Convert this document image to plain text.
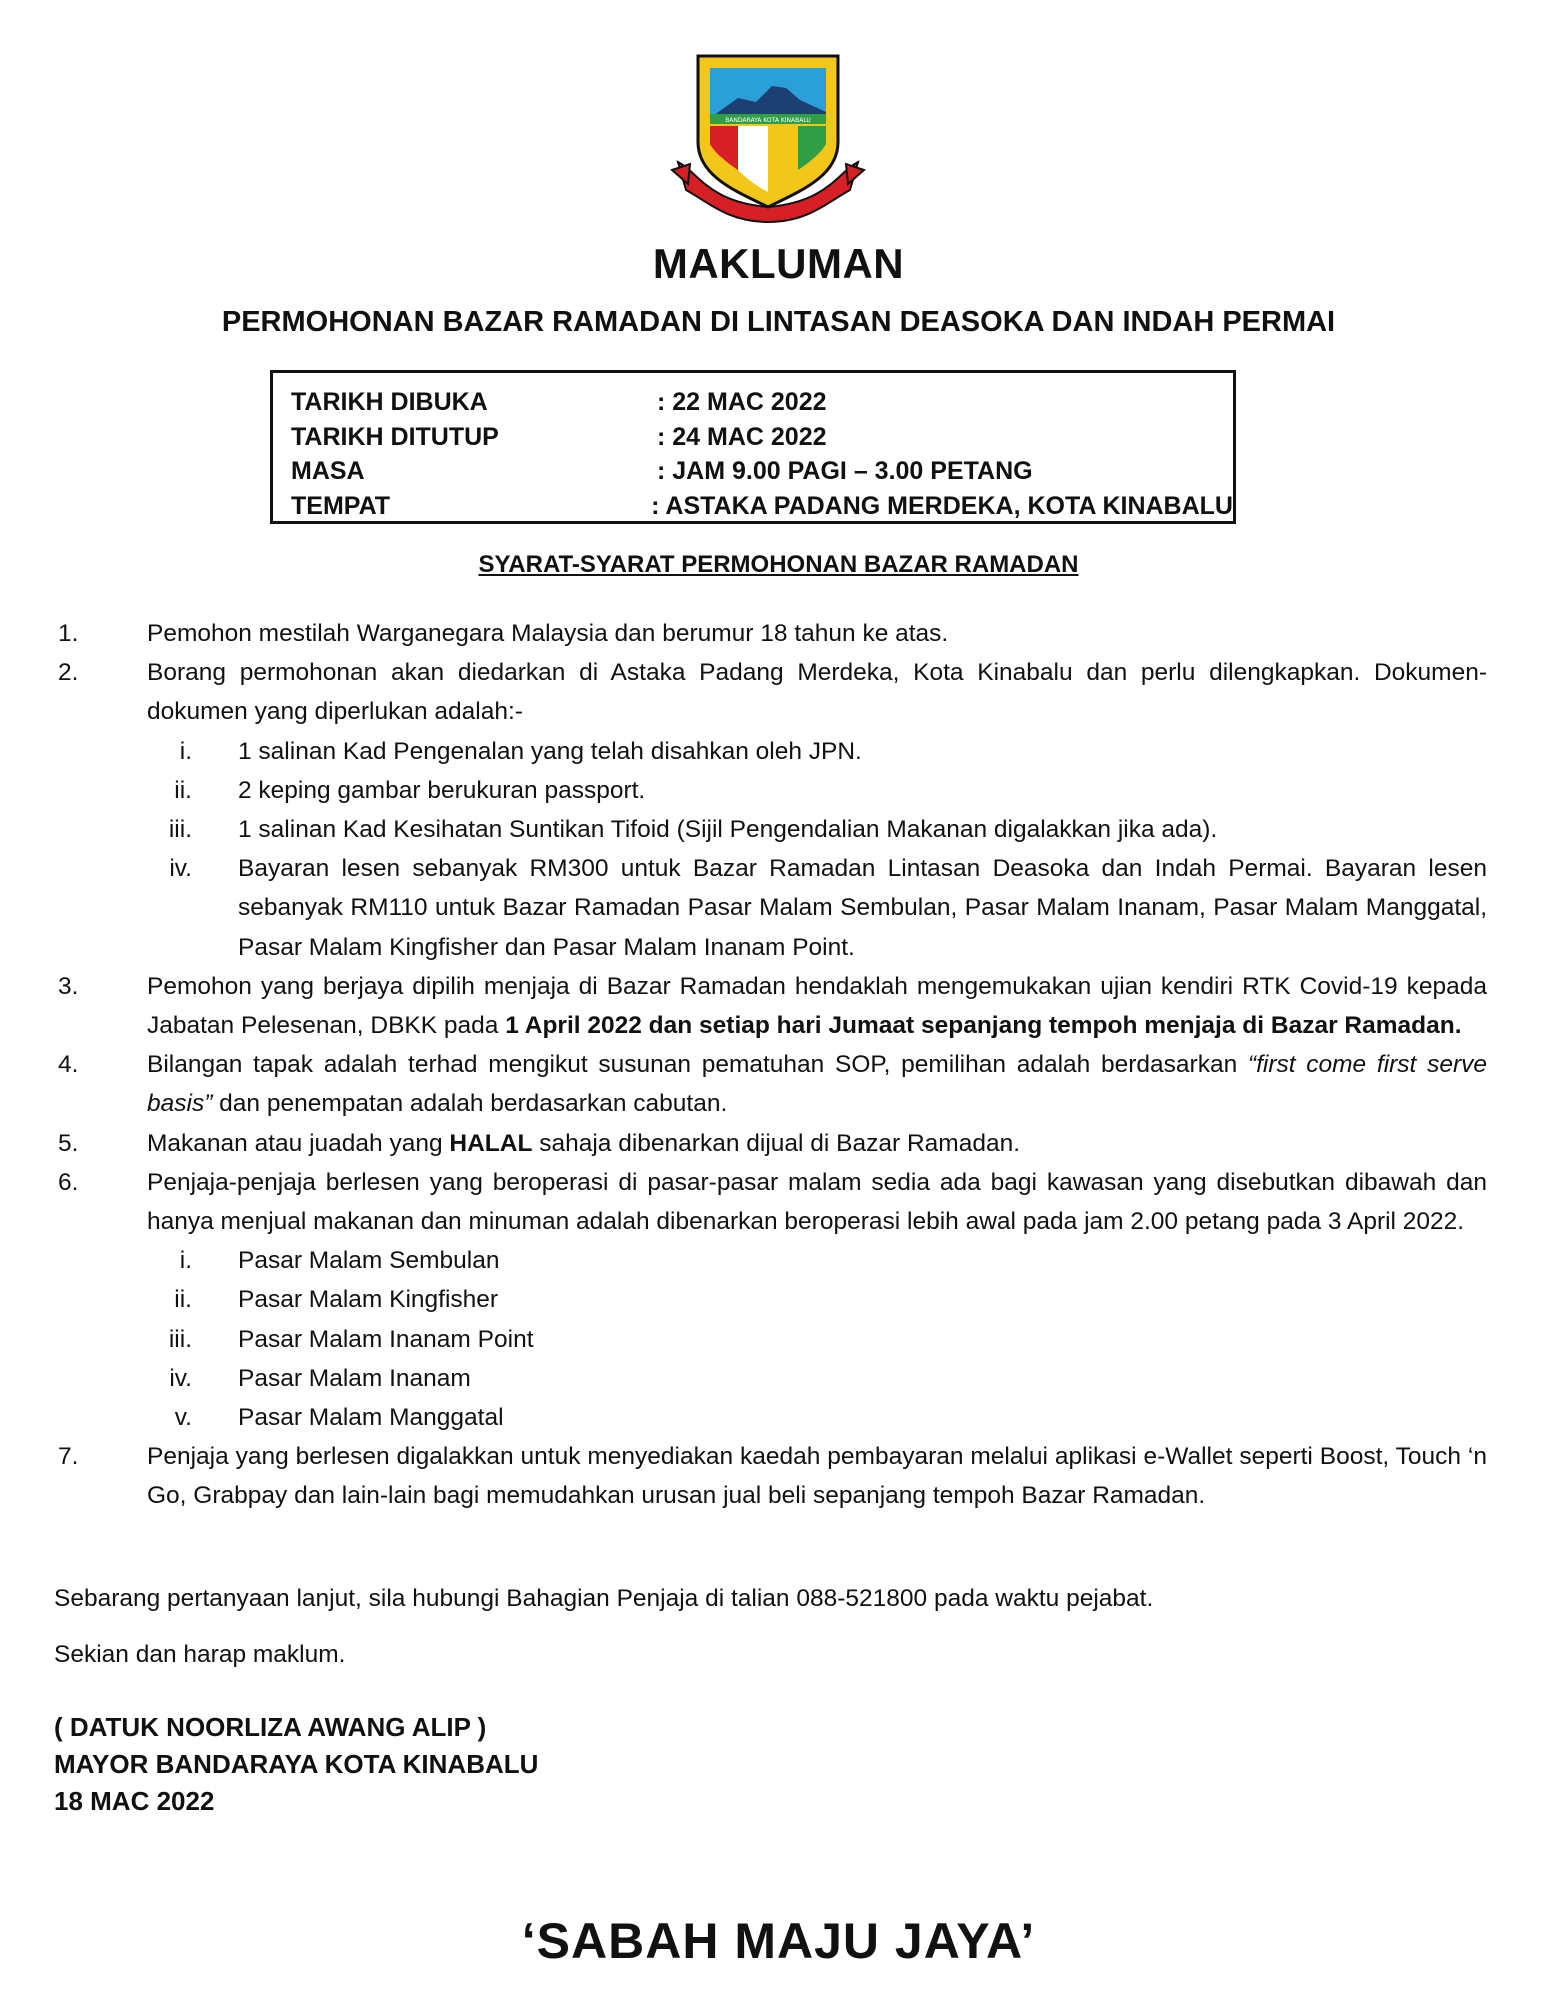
BANDARAYA KOTA KINABALU
MAKLUMAN
PERMOHONAN BAZAR RAMADAN DI LINTASAN DEASOKA DAN INDAH PERMAI
TARIKH DIBUKA	: 22 MAC 2022
TARIKH DITUTUP	: 24 MAC 2022
MASA	: JAM 9.00 PAGI – 3.00 PETANG
TEMPAT	: ASTAKA PADANG MERDEKA, KOTA KINABALU
SYARAT-SYARAT PERMOHONAN BAZAR RAMADAN
1.	Pemohon mestilah Warganegara Malaysia dan berumur 18 tahun ke atas.
2.	Borang permohonan akan diedarkan di Astaka Padang Merdeka, Kota Kinabalu dan perlu dilengkapkan. Dokumen-dokumen yang diperlukan adalah:-
i. 1 salinan Kad Pengenalan yang telah disahkan oleh JPN.
ii. 2 keping gambar berukuran passport.
iii. 1 salinan Kad Kesihatan Suntikan Tifoid (Sijil Pengendalian Makanan digalakkan jika ada).
iv. Bayaran lesen sebanyak RM300 untuk Bazar Ramadan Lintasan Deasoka dan Indah Permai. Bayaran lesen sebanyak RM110 untuk Bazar Ramadan Pasar Malam Sembulan, Pasar Malam Inanam, Pasar Malam Manggatal, Pasar Malam Kingfisher dan Pasar Malam Inanam Point.
3.	Pemohon yang berjaya dipilih menjaja di Bazar Ramadan hendaklah mengemukakan ujian kendiri RTK Covid-19 kepada Jabatan Pelesenan, DBKK pada 1 April 2022 dan setiap hari Jumaat sepanjang tempoh menjaja di Bazar Ramadan.
4.	Bilangan tapak adalah terhad mengikut susunan pematuhan SOP, pemilihan adalah berdasarkan “first come first serve basis” dan penempatan adalah berdasarkan cabutan.
5.	Makanan atau juadah yang HALAL sahaja dibenarkan dijual di Bazar Ramadan.
6.	Penjaja-penjaja berlesen yang beroperasi di pasar-pasar malam sedia ada bagi kawasan yang disebutkan dibawah dan hanya menjual makanan dan minuman adalah dibenarkan beroperasi lebih awal pada jam 2.00 petang pada 3 April 2022.
i. Pasar Malam Sembulan
ii. Pasar Malam Kingfisher
iii. Pasar Malam Inanam Point
iv. Pasar Malam Inanam
v. Pasar Malam Manggatal
7.	Penjaja yang berlesen digalakkan untuk menyediakan kaedah pembayaran melalui aplikasi e-Wallet seperti Boost, Touch ‘n Go, Grabpay dan lain-lain bagi memudahkan urusan jual beli sepanjang tempoh Bazar Ramadan.
Sebarang pertanyaan lanjut, sila hubungi Bahagian Penjaja di talian 088-521800 pada waktu pejabat.
Sekian dan harap maklum.
( DATUK NOORLIZA AWANG ALIP )
MAYOR BANDARAYA KOTA KINABALU
18 MAC 2022
‘SABAH MAJU JAYA’
